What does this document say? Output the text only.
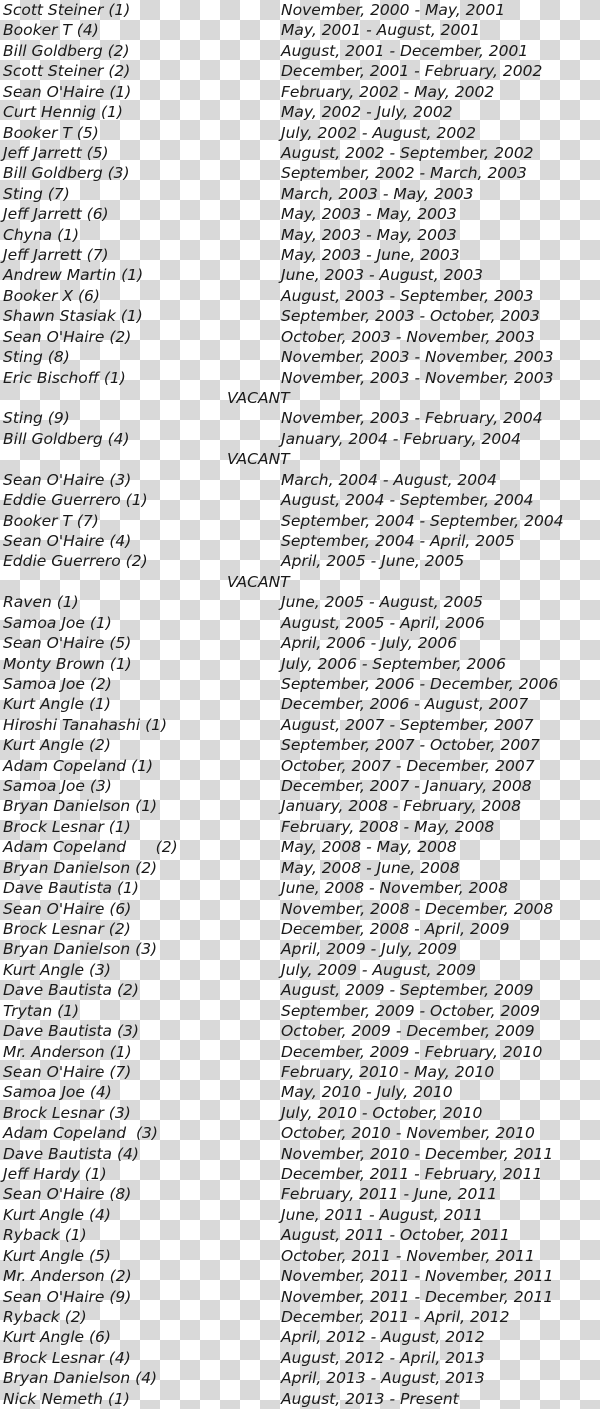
Scott Steiner (1)	November, 2000 - May, 2001
Booker T (4)	May, 2001 - August, 2001
Bill Goldberg (2)	August, 2001 - December, 2001
Scott Steiner (2)	December, 2001 - February, 2002
Sean O'Haire (1)	February, 2002 - May, 2002
Curt Hennig (1)	May, 2002 - July, 2002
Booker T (5)	July, 2002 - August, 2002
Jeff Jarrett (5)	August, 2002 - September, 2002
Bill Goldberg (3)	September, 2002 - March, 2003
Sting (7)	March, 2003 - May, 2003
Jeff Jarrett (6)	May, 2003 - May, 2003
Chyna (1)	May, 2003 - May, 2003
Jeff Jarrett (7)	May, 2003 - June, 2003
Andrew Martin (1)	June, 2003 - August, 2003
Booker X (6)	August, 2003 - September, 2003
Shawn Stasiak (1)	September, 2003 - October, 2003
Sean O'Haire (2)	October, 2003 - November, 2003
Sting (8)	November, 2003 - November, 2003
Eric Bischoff (1)	November, 2003 - November, 2003
VACANT
Sting (9)	November, 2003 - February, 2004
Bill Goldberg (4)	January, 2004 - February, 2004
VACANT
Sean O'Haire (3)	March, 2004 - August, 2004
Eddie Guerrero (1)	August, 2004 - September, 2004
Booker T (7)	September, 2004 - September, 2004
Sean O'Haire (4)	September, 2004 - April, 2005
Eddie Guerrero (2)	April, 2005 - June, 2005
VACANT
Raven (1)	June, 2005 - August, 2005
Samoa Joe (1)	August, 2005 - April, 2006
Sean O'Haire (5)	April, 2006 - July, 2006
Monty Brown (1)	July, 2006 - September, 2006
Samoa Joe (2)	September, 2006 - December, 2006
Kurt Angle (1)	December, 2006 - August, 2007
Hiroshi Tanahashi (1)	August, 2007 - September, 2007
Kurt Angle (2)	September, 2007 - October, 2007
Adam Copeland (1)	October, 2007 - December, 2007
Samoa Joe (3)	December, 2007 - January, 2008
Bryan Danielson (1)	January, 2008 - February, 2008
Brock Lesnar (1)	February, 2008 - May, 2008
Adam Copeland      (2)	May, 2008 - May, 2008
Bryan Danielson (2)	May, 2008 - June, 2008
Dave Bautista (1)	June, 2008 - November, 2008
Sean O'Haire (6)	November, 2008 - December, 2008
Brock Lesnar (2)	December, 2008 - April, 2009
Bryan Danielson (3)	April, 2009 - July, 2009
Kurt Angle (3)	July, 2009 - August, 2009
Dave Bautista (2)	August, 2009 - September, 2009
Trytan (1)	September, 2009 - October, 2009
Dave Bautista (3)	October, 2009 - December, 2009
Mr. Anderson (1)	December, 2009 - February, 2010
Sean O'Haire (7)	February, 2010 - May, 2010
Samoa Joe (4)	May, 2010 - July, 2010
Brock Lesnar (3)	July, 2010 - October, 2010
Adam Copeland  (3)	October, 2010 - November, 2010
Dave Bautista (4)	November, 2010 - December, 2011
Jeff Hardy (1)	December, 2011 - February, 2011
Sean O'Haire (8)	February, 2011 - June, 2011
Kurt Angle (4)	June, 2011 - August, 2011
Ryback (1)	August, 2011 - October, 2011
Kurt Angle (5)	October, 2011 - November, 2011
Mr. Anderson (2)	November, 2011 - November, 2011
Sean O'Haire (9)	November, 2011 - December, 2011
Ryback (2)	December, 2011 - April, 2012
Kurt Angle (6)	April, 2012 - August, 2012
Brock Lesnar (4)	August, 2012 - April, 2013
Bryan Danielson (4)	April, 2013 - August, 2013
Nick Nemeth (1)	August, 2013 - Present
